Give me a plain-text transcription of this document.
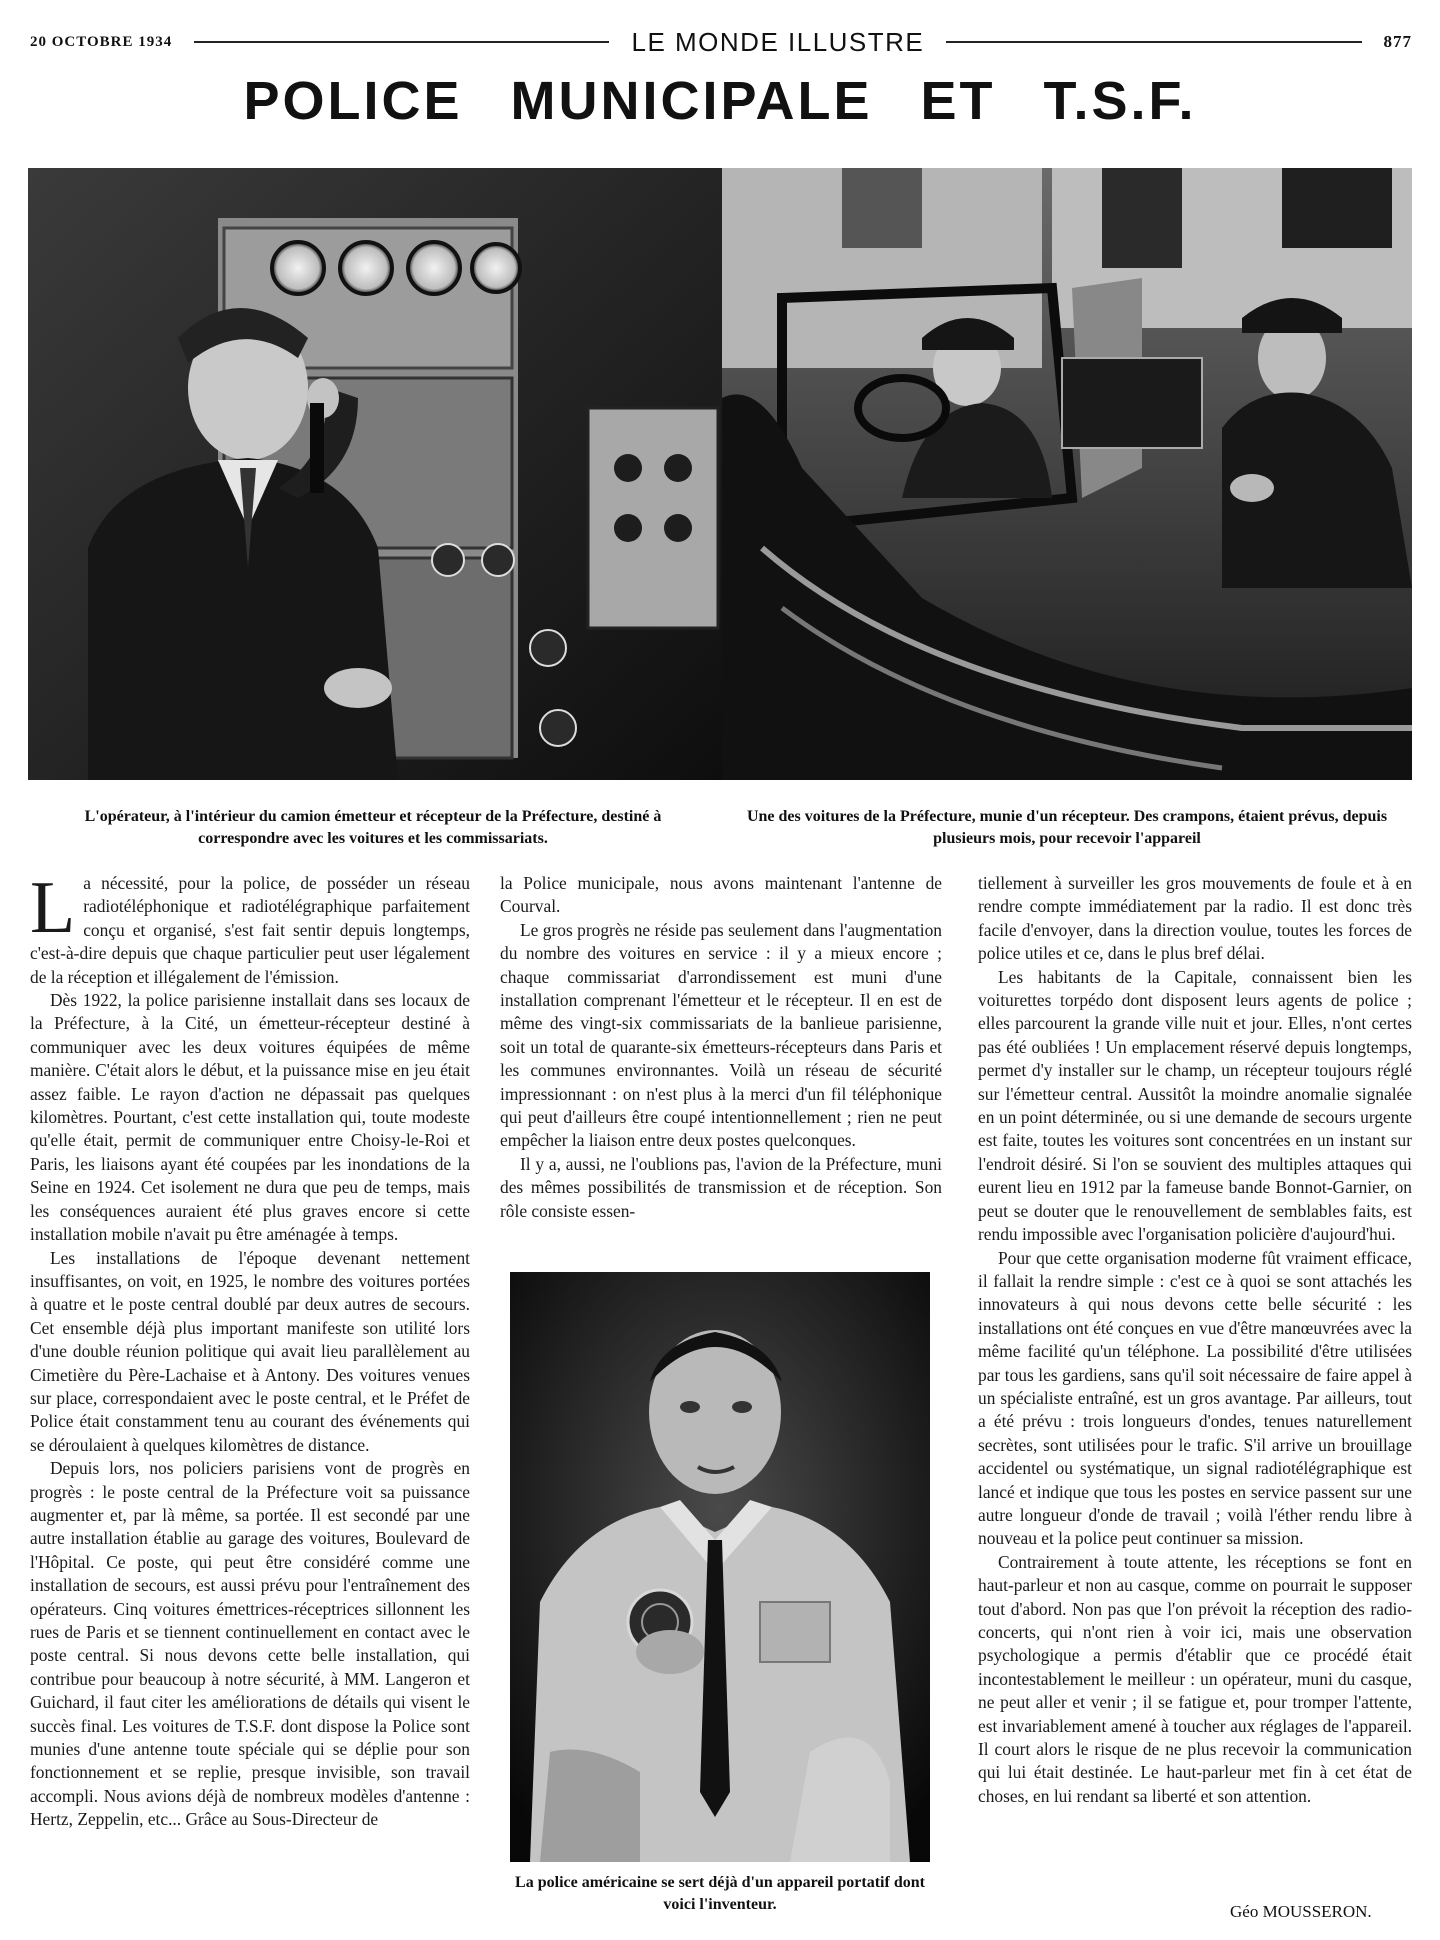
20 OCTOBRE 1934	LE MONDE ILLUSTRE	877
POLICE MUNICIPALE ET T.S.F.
L'opérateur, à l'intérieur du camion émetteur et récepteur de la Préfecture, destiné à correspondre avec les voitures et les commissariats.
Une des voitures de la Préfecture, munie d'un récepteur. Des crampons, étaient prévus, depuis plusieurs mois, pour recevoir l'appareil

La nécessité, pour la police, de posséder un réseau radiotéléphonique et radiotélégraphique parfaitement conçu et organisé, s'est fait sentir depuis longtemps, c'est-à-dire depuis que chaque particulier peut user légalement de la réception et illégalement de l'émission.

Dès 1922, la police parisienne installait dans ses locaux de la Préfecture, à la Cité, un émetteur-récepteur destiné à communiquer avec les deux voitures équipées de même manière. C'était alors le début, et la puissance mise en jeu était assez faible. Le rayon d'action ne dépassait pas quelques kilomètres. Pourtant, c'est cette installation qui, toute modeste qu'elle était, permit de communiquer entre Choisy-le-Roi et Paris, les liaisons ayant été coupées par les inondations de la Seine en 1924. Cet isolement ne dura que peu de temps, mais les conséquences auraient été plus graves encore si cette installation mobile n'avait pu être aménagée à temps.

Les installations de l'époque devenant nettement insuffisantes, on voit, en 1925, le nombre des voitures portées à quatre et le poste central doublé par deux autres de secours. Cet ensemble déjà plus important manifeste son utilité lors d'une double réunion politique qui avait lieu parallèlement au Cimetière du Père-Lachaise et à Antony. Des voitures venues sur place, correspondaient avec le poste central, et le Préfet de Police était constamment tenu au courant des événements qui se déroulaient à quelques kilomètres de distance.

Depuis lors, nos policiers parisiens vont de progrès en progrès : le poste central de la Préfecture voit sa puissance augmenter et, par là même, sa portée. Il est secondé par une autre installation établie au garage des voitures, Boulevard de l'Hôpital. Ce poste, qui peut être considéré comme une installation de secours, est aussi prévu pour l'entraînement des opérateurs. Cinq voitures émettrices-réceptrices sillonnent les rues de Paris et se tiennent continuellement en contact avec le poste central. Si nous devons cette belle installation, qui contribue pour beaucoup à notre sécurité, à MM. Langeron et Guichard, il faut citer les améliorations de détails qui visent le succès final. Les voitures de T.S.F. dont dispose la Police sont munies d'une antenne toute spéciale qui se déplie pour son fonctionnement et se replie, presque invisible, son travail accompli. Nous avions déjà de nombreux modèles d'antenne : Hertz, Zeppelin, etc... Grâce au Sous-Directeur de

la Police municipale, nous avons maintenant l'antenne de Courval.

Le gros progrès ne réside pas seulement dans l'augmentation du nombre des voitures en service : il y a mieux encore ; chaque commissariat d'arrondissement est muni d'une installation comprenant l'émetteur et le récepteur. Il en est de même des vingt-six commissariats de la banlieue parisienne, soit un total de quarante-six émetteurs-récepteurs dans Paris et les communes environnantes. Voilà un réseau de sécurité impressionnant : on n'est plus à la merci d'un fil téléphonique qui peut d'ailleurs être coupé intentionnellement ; rien ne peut empêcher la liaison entre deux postes quelconques.

Il y a, aussi, ne l'oublions pas, l'avion de la Préfecture, muni des mêmes possibilités de transmission et de réception. Son rôle consiste essen-

La police américaine se sert déjà d'un appareil portatif dont voici l'inventeur.

tiellement à surveiller les gros mouvements de foule et à en rendre compte immédiatement par la radio. Il est donc très facile d'envoyer, dans la direction voulue, toutes les forces de police utiles et ce, dans le plus bref délai.

Les habitants de la Capitale, connaissent bien les voiturettes torpédo dont disposent leurs agents de police ; elles parcourent la grande ville nuit et jour. Elles, n'ont certes pas été oubliées ! Un emplacement réservé depuis longtemps, permet d'y installer sur le champ, un récepteur toujours réglé sur l'émetteur central. Aussitôt la moindre anomalie signalée en un point déterminée, ou si une demande de secours urgente est faite, toutes les voitures sont concentrées en un instant sur l'endroit désiré. Si l'on se souvient des multiples attaques qui eurent lieu en 1912 par la fameuse bande Bonnot-Garnier, on peut se douter que le renouvellement de semblables faits, est rendu impossible avec l'organisation policière d'aujourd'hui.

Pour que cette organisation moderne fût vraiment efficace, il fallait la rendre simple : c'est ce à quoi se sont attachés les innovateurs à qui nous devons cette belle sécurité : les installations ont été conçues en vue d'être manœuvrées avec la même facilité qu'un téléphone. La possibilité d'être utilisées par tous les gardiens, sans qu'il soit nécessaire de faire appel à un spécialiste entraîné, est un gros avantage. Par ailleurs, tout a été prévu : trois longueurs d'ondes, tenues naturellement secrètes, sont utilisées pour le trafic. S'il arrive un brouillage accidentel ou systématique, un signal radiotélégraphique est lancé et indique que tous les postes en service passent sur une autre longueur d'onde de travail ; voilà l'éther rendu libre à nouveau et la police peut continuer sa mission.

Contrairement à toute attente, les réceptions se font en haut-parleur et non au casque, comme on pourrait le supposer tout d'abord. Non pas que l'on prévoit la réception des radio-concerts, qui n'ont rien à voir ici, mais une observation psychologique a permis d'établir que ce procédé était incontestablement le meilleur : un opérateur, muni du casque, ne peut aller et venir ; il se fatigue et, pour tromper l'attente, est invariablement amené à toucher aux réglages de l'appareil. Il court alors le risque de ne plus recevoir la communication qui lui était destinée. Le haut-parleur met fin à cet état de choses, en lui rendant sa liberté et son attention.

Géo MOUSSERON.
